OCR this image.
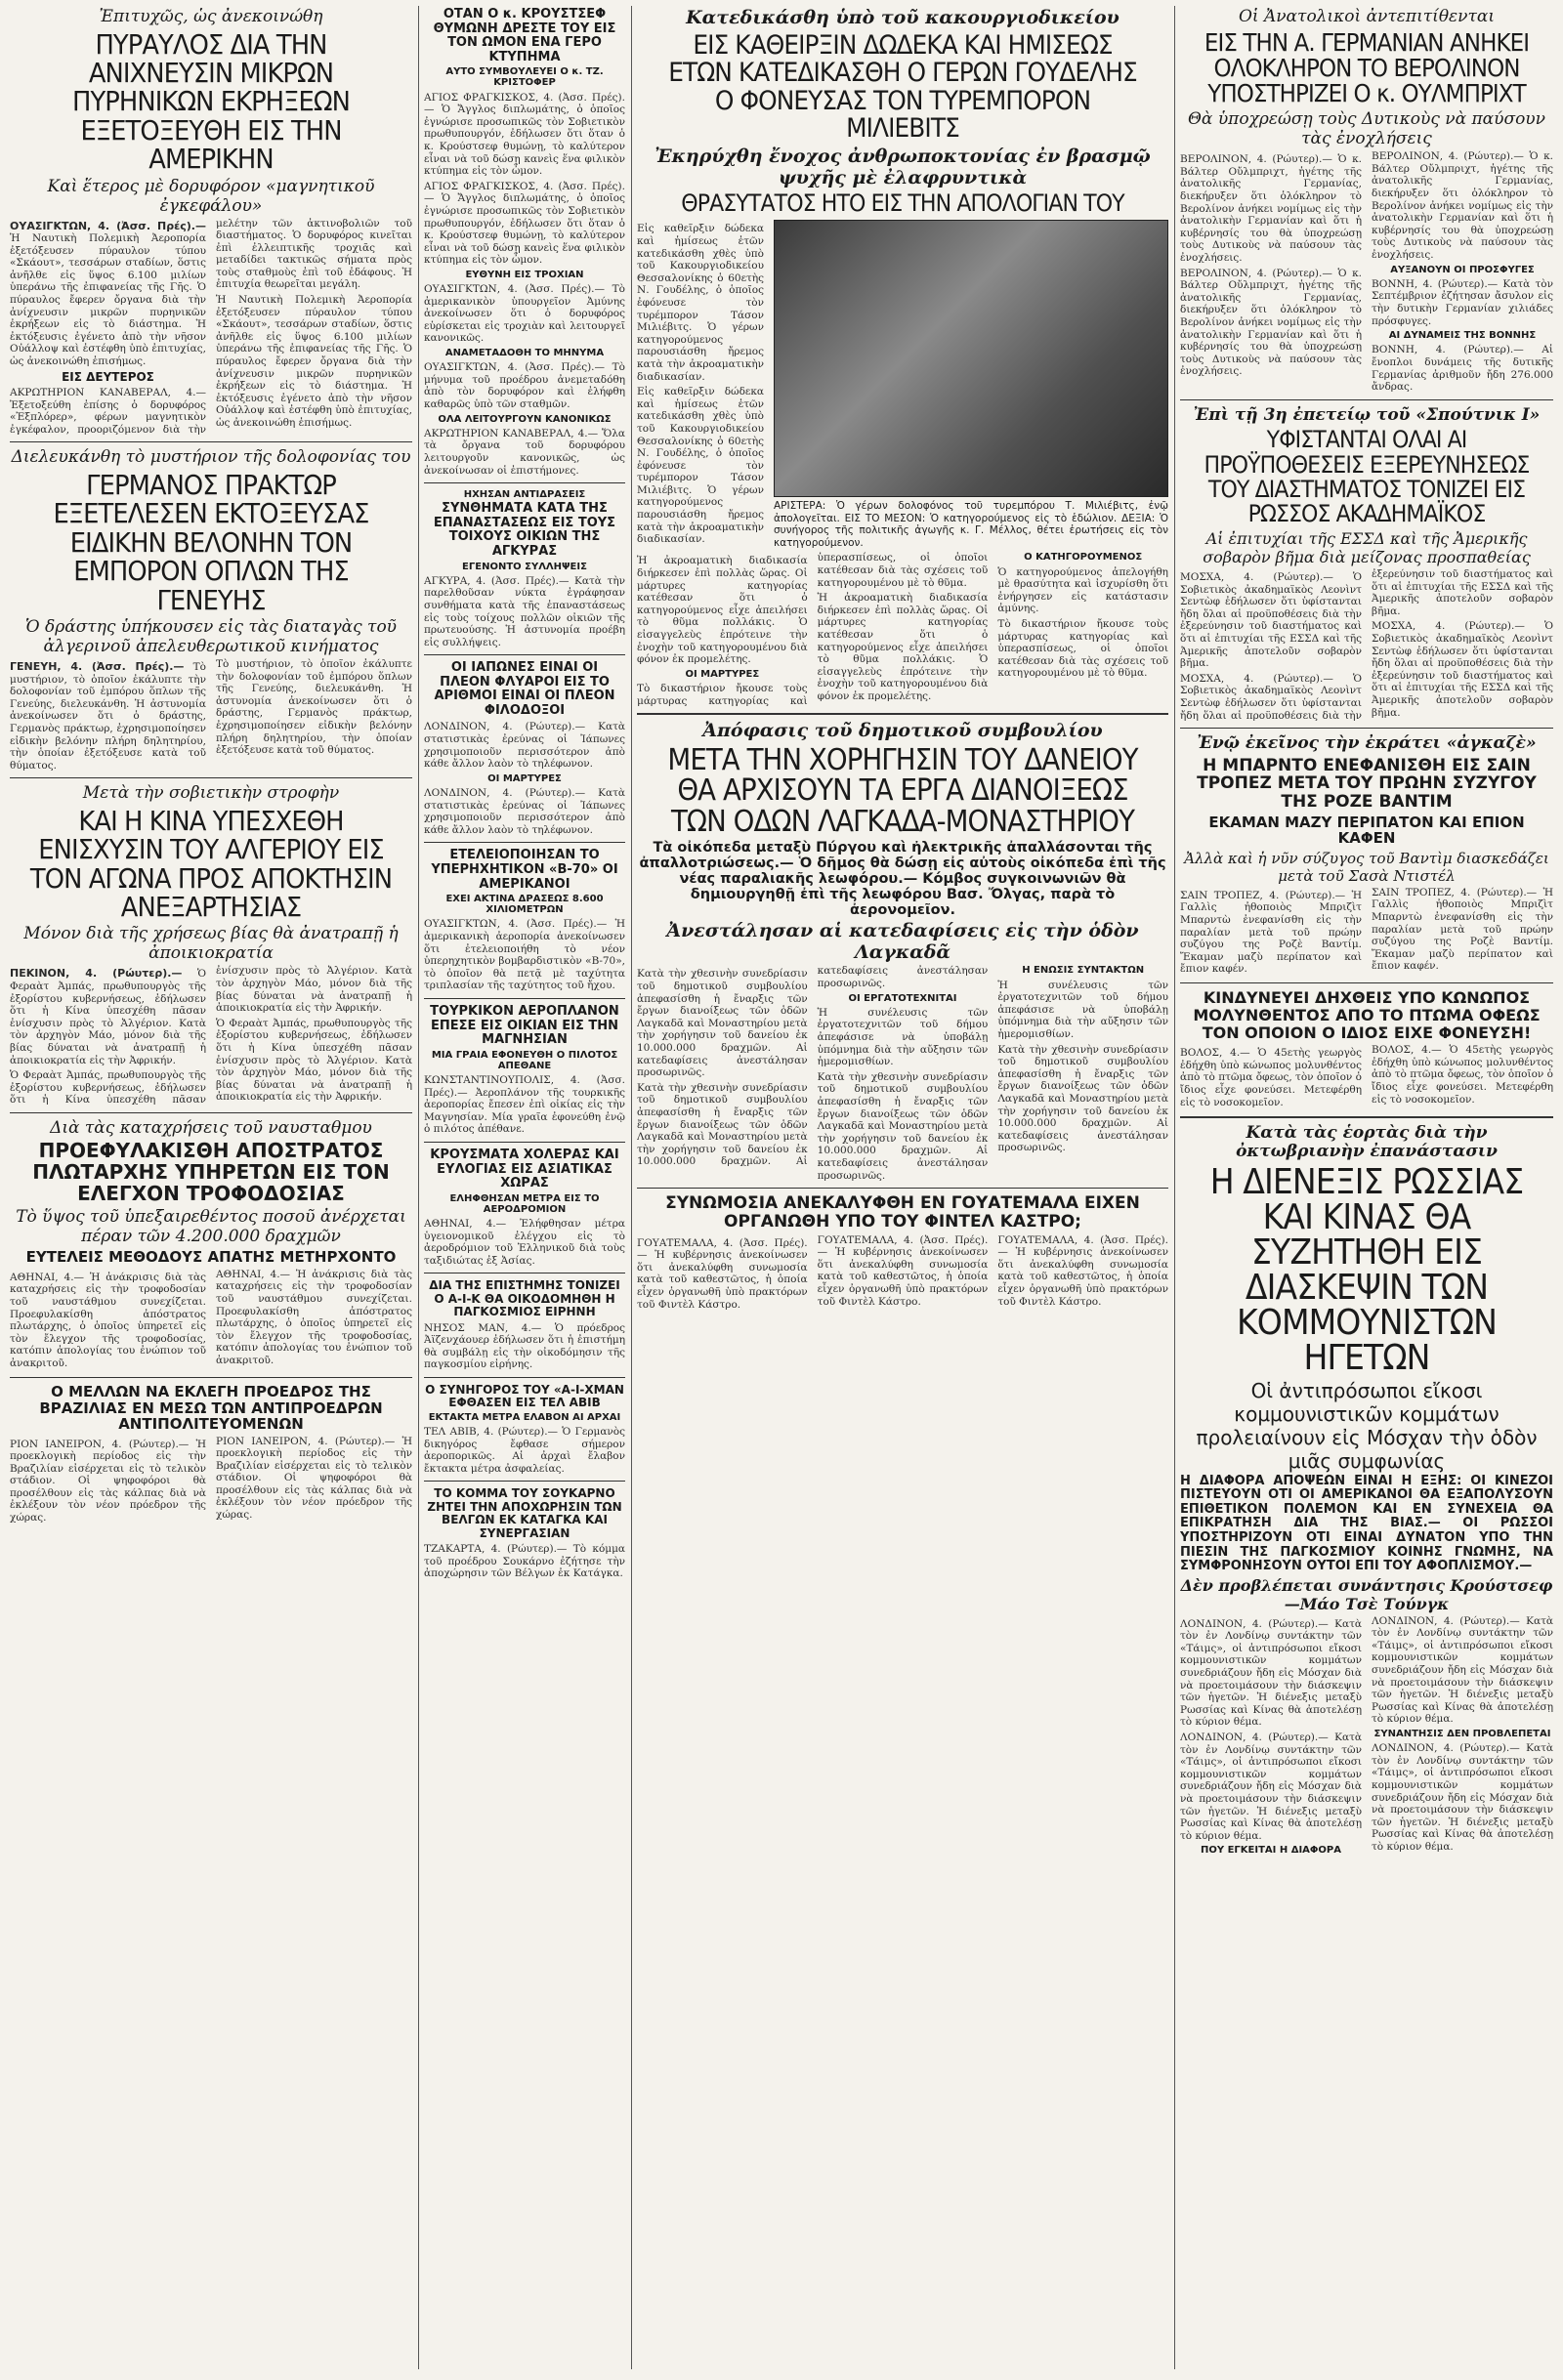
Ἐπιτυχῶς, ὡς ἀνεκοινώθη
ΠΥΡΑΥΛΟΣ ΔΙΑ ΤΗΝ ΑΝΙΧΝΕΥΣΙΝ ΜΙΚΡΩΝ ΠΥΡΗΝΙΚΩΝ ΕΚΡΗΞΕΩΝ ΕΞΕΤΟΞΕΥΘΗ ΕΙΣ ΤΗΝ ΑΜΕΡΙΚΗΝ
Καὶ ἕτερος μὲ δορυφόρον «μαγνητικοῦ ἐγκεφάλου»
ΟΥΑΣΙΓΚΤΩΝ, 4. (Ἀσσ. Πρές).— Ἡ Ναυτικὴ Πολεμικὴ Ἀεροπορία ἐξετόξευσεν πύραυλον τύπου «Σκάουτ», τεσσάρων σταδίων, ὅστις ἀνῆλθε εἰς ὕψος 6.100 μιλίων ὑπεράνω τῆς ἐπιφανείας τῆς Γῆς. Ὁ πύραυλος ἔφερεν ὄργανα διὰ τὴν ἀνίχνευσιν μικρῶν πυρηνικῶν ἐκρήξεων εἰς τὸ διάστημα. Ἡ ἐκτόξευσις ἐγένετο ἀπὸ τὴν νῆσον Οὐάλλοψ καὶ ἐστέφθη ὑπὸ ἐπιτυχίας, ὡς ἀνεκοινώθη ἐπισήμως.
ΕΙΣ ΔΕΥΤΕΡΟΣ
ΑΚΡΩΤΗΡΙΟΝ ΚΑΝΑΒΕΡΑΛ, 4.— Ἐξετοξεύθη ἐπίσης ὁ δορυφόρος «Ἐξπλόρερ», φέρων μαγνητικὸν ἐγκέφαλον, προοριζόμενον διὰ τὴν μελέτην τῶν ἀκτινοβολιῶν τοῦ διαστήματος. Ὁ δορυφόρος κινεῖται ἐπὶ ἐλλειπτικῆς τροχιᾶς καὶ μεταδίδει τακτικῶς σήματα πρὸς τοὺς σταθμοὺς ἐπὶ τοῦ ἐδάφους. Ἡ ἐπιτυχία θεωρεῖται μεγάλη.
Ἡ Ναυτικὴ Πολεμικὴ Ἀεροπορία ἐξετόξευσεν πύραυλον τύπου «Σκάουτ», τεσσάρων σταδίων, ὅστις ἀνῆλθε εἰς ὕψος 6.100 μιλίων ὑπεράνω τῆς ἐπιφανείας τῆς Γῆς. Ὁ πύραυλος ἔφερεν ὄργανα διὰ τὴν ἀνίχνευσιν μικρῶν πυρηνικῶν ἐκρήξεων εἰς τὸ διάστημα. Ἡ ἐκτόξευσις ἐγένετο ἀπὸ τὴν νῆσον Οὐάλλοψ καὶ ἐστέφθη ὑπὸ ἐπιτυχίας, ὡς ἀνεκοινώθη ἐπισήμως.
Διελευκάνθη τὸ μυστήριον τῆς δολοφονίας του
ΓΕΡΜΑΝΟΣ ΠΡΑΚΤΩΡ ΕΞΕΤΕΛΕΣΕΝ ΕΚΤΟΞΕΥΣΑΣ ΕΙΔΙΚΗΝ ΒΕΛΟΝΗΝ ΤΟΝ ΕΜΠΟΡΟΝ ΟΠΛΩΝ ΤΗΣ ΓΕΝΕΥΗΣ
Ὁ δράστης ὑπήκουσεν εἰς τὰς διαταγὰς τοῦ ἀλγερινοῦ ἀπελευθερωτικοῦ κινήματος
ΓΕΝΕΥΗ, 4. (Ἀσσ. Πρές).— Τὸ μυστήριον, τὸ ὁποῖον ἐκάλυπτε τὴν δολοφονίαν τοῦ ἐμπόρου ὅπλων τῆς Γενεύης, διελευκάνθη. Ἡ ἀστυνομία ἀνεκοίνωσεν ὅτι ὁ δράστης, Γερμανὸς πράκτωρ, ἐχρησιμοποίησεν εἰδικὴν βελόνην πλήρη δηλητηρίου, τὴν ὁποίαν ἐξετόξευσε κατὰ τοῦ θύματος.
Τὸ μυστήριον, τὸ ὁποῖον ἐκάλυπτε τὴν δολοφονίαν τοῦ ἐμπόρου ὅπλων τῆς Γενεύης, διελευκάνθη. Ἡ ἀστυνομία ἀνεκοίνωσεν ὅτι ὁ δράστης, Γερμανὸς πράκτωρ, ἐχρησιμοποίησεν εἰδικὴν βελόνην πλήρη δηλητηρίου, τὴν ὁποίαν ἐξετόξευσε κατὰ τοῦ θύματος.
Μετὰ τὴν σοβιετικὴν στροφὴν
ΚΑΙ Η ΚΙΝΑ ΥΠΕΣΧΕΘΗ ΕΝΙΣΧΥΣΙΝ ΤΟΥ ΑΛΓΕΡΙΟΥ ΕΙΣ ΤΟΝ ΑΓΩΝΑ ΠΡΟΣ ΑΠΟΚΤΗΣΙΝ ΑΝΕΞΑΡΤΗΣΙΑΣ
Μόνον διὰ τῆς χρήσεως βίας θὰ ἀνατραπῇ ἡ ἀποικιοκρατία
ΠΕΚΙΝΟΝ, 4. (Ρώυτερ).— Ὁ Φεραὰτ Ἀμπάς, πρωθυπουργὸς τῆς ἐξορίστου κυβερνήσεως, ἐδήλωσεν ὅτι ἡ Κίνα ὑπεσχέθη πᾶσαν ἐνίσχυσιν πρὸς τὸ Ἀλγέριον. Κατὰ τὸν ἀρχηγὸν Μάο, μόνον διὰ τῆς βίας δύναται νὰ ἀνατραπῇ ἡ ἀποικιοκρατία εἰς τὴν Ἀφρικήν.
Ὁ Φεραὰτ Ἀμπάς, πρωθυπουργὸς τῆς ἐξορίστου κυβερνήσεως, ἐδήλωσεν ὅτι ἡ Κίνα ὑπεσχέθη πᾶσαν ἐνίσχυσιν πρὸς τὸ Ἀλγέριον. Κατὰ τὸν ἀρχηγὸν Μάο, μόνον διὰ τῆς βίας δύναται νὰ ἀνατραπῇ ἡ ἀποικιοκρατία εἰς τὴν Ἀφρικήν.
Ὁ Φεραὰτ Ἀμπάς, πρωθυπουργὸς τῆς ἐξορίστου κυβερνήσεως, ἐδήλωσεν ὅτι ἡ Κίνα ὑπεσχέθη πᾶσαν ἐνίσχυσιν πρὸς τὸ Ἀλγέριον. Κατὰ τὸν ἀρχηγὸν Μάο, μόνον διὰ τῆς βίας δύναται νὰ ἀνατραπῇ ἡ ἀποικιοκρατία εἰς τὴν Ἀφρικήν.
Διὰ τὰς καταχρήσεις τοῦ ναυσταθμου
ΠΡΟΕΦΥΛΑΚΙΣΘΗ ΑΠΟΣΤΡΑΤΟΣ ΠΛΩΤΑΡΧΗΣ ΥΠΗΡΕΤΩΝ ΕΙΣ ΤΟΝ ΕΛΕΓΧΟΝ ΤΡΟΦΟΔΟΣΙΑΣ
Τὸ ὕψος τοῦ ὑπεξαιρεθέντος ποσοῦ ἀνέρχεται πέραν τῶν 4.200.000 δραχμῶν
ΕΥΤΕΛΕΙΣ ΜΕΘΟΔΟΥΣ ΑΠΑΤΗΣ ΜΕΤΗΡΧΟΝΤΟ
ΑΘΗΝΑΙ, 4.— Ἡ ἀνάκρισις διὰ τὰς καταχρήσεις εἰς τὴν τροφοδοσίαν τοῦ ναυστάθμου συνεχίζεται. Προεφυλακίσθη ἀπόστρατος πλωτάρχης, ὁ ὁποῖος ὑπηρετεῖ εἰς τὸν ἔλεγχον τῆς τροφοδοσίας, κατόπιν ἀπολογίας του ἐνώπιον τοῦ ἀνακριτοῦ.
ΑΘΗΝΑΙ, 4.— Ἡ ἀνάκρισις διὰ τὰς καταχρήσεις εἰς τὴν τροφοδοσίαν τοῦ ναυστάθμου συνεχίζεται. Προεφυλακίσθη ἀπόστρατος πλωτάρχης, ὁ ὁποῖος ὑπηρετεῖ εἰς τὸν ἔλεγχον τῆς τροφοδοσίας, κατόπιν ἀπολογίας του ἐνώπιον τοῦ ἀνακριτοῦ.
Ο ΜΕΛΛΩΝ ΝΑ ΕΚΛΕΓΗ ΠΡΟΕΔΡΟΣ ΤΗΣ ΒΡΑΖΙΛΙΑΣ ΕΝ ΜΕΣΩ ΤΩΝ ΑΝΤΙΠΡΟΕΔΡΩΝ ΑΝΤΙΠΟΛΙΤΕΥΟΜΕΝΩΝ
ΡΙΟΝ ΙΑΝΕΙΡΟΝ, 4. (Ρώυτερ).— Ἡ προεκλογικὴ περίοδος εἰς τὴν Βραζιλίαν εἰσέρχεται εἰς τὸ τελικὸν στάδιον. Οἱ ψηφοφόροι θὰ προσέλθουν εἰς τὰς κάλπας διὰ νὰ ἐκλέξουν τὸν νέον πρόεδρον τῆς χώρας.
ΡΙΟΝ ΙΑΝΕΙΡΟΝ, 4. (Ρώυτερ).— Ἡ προεκλογικὴ περίοδος εἰς τὴν Βραζιλίαν εἰσέρχεται εἰς τὸ τελικὸν στάδιον. Οἱ ψηφοφόροι θὰ προσέλθουν εἰς τὰς κάλπας διὰ νὰ ἐκλέξουν τὸν νέον πρόεδρον τῆς χώρας.
ΟΤΑΝ Ο κ. ΚΡΟΥΣΤΣΕΦ ΘΥΜΩΝΗ ΔΡΕΣΤΕ ΤΟΥ ΕΙΣ ΤΟΝ ΩΜΟΝ ΕΝΑ ΓΕΡΟ ΚΤΥΠΗΜΑ
ΑΥΤΟ ΣΥΜΒΟΥΛΕΥΕΙ Ο κ. ΤΖ. ΚΡΙΣΤΟΦΕΡ
ΑΓΙΟΣ ΦΡΑΓΚΙΣΚΟΣ, 4. (Ἀσσ. Πρές).— Ὁ Ἄγγλος διπλωμάτης, ὁ ὁποῖος ἐγνώρισε προσωπικῶς τὸν Σοβιετικὸν πρωθυπουργόν, ἐδήλωσεν ὅτι ὅταν ὁ κ. Κρούστσεφ θυμώνῃ, τὸ καλύτερον εἶναι νὰ τοῦ δώσῃ κανεὶς ἕνα φιλικὸν κτύπημα εἰς τὸν ὦμον.
ΑΓΙΟΣ ΦΡΑΓΚΙΣΚΟΣ, 4. (Ἀσσ. Πρές).— Ὁ Ἄγγλος διπλωμάτης, ὁ ὁποῖος ἐγνώρισε προσωπικῶς τὸν Σοβιετικὸν πρωθυπουργόν, ἐδήλωσεν ὅτι ὅταν ὁ κ. Κρούστσεφ θυμώνῃ, τὸ καλύτερον εἶναι νὰ τοῦ δώσῃ κανεὶς ἕνα φιλικὸν κτύπημα εἰς τὸν ὦμον.
ΕΥΘΥΝΗ ΕΙΣ ΤΡΟΧΙΑΝ
ΟΥΑΣΙΓΚΤΩΝ, 4. (Ἀσσ. Πρές).— Τὸ ἀμερικανικὸν ὑπουργεῖον Ἀμύνης ἀνεκοίνωσεν ὅτι ὁ δορυφόρος εὑρίσκεται εἰς τροχιὰν καὶ λειτουργεῖ κανονικῶς.
ΑΝΑΜΕΤΑΔΟΘΗ ΤΟ ΜΗΝΥΜΑ
ΟΥΑΣΙΓΚΤΩΝ, 4. (Ἀσσ. Πρές).— Τὸ μήνυμα τοῦ προέδρου ἀνεμεταδόθη ἀπὸ τὸν δορυφόρον καὶ ἐλήφθη καθαρῶς ὑπὸ τῶν σταθμῶν.
ΟΛΑ ΛΕΙΤΟΥΡΓΟΥΝ ΚΑΝΟΝΙΚΩΣ
ΑΚΡΩΤΗΡΙΟΝ ΚΑΝΑΒΕΡΑΛ, 4.— Ὅλα τὰ ὄργανα τοῦ δορυφόρου λειτουργοῦν κανονικῶς, ὡς ἀνεκοίνωσαν οἱ ἐπιστήμονες.
ΗΧΗΣΑΝ ΑΝΤΙΔΡΑΣΕΙΣ
ΣΥΝΘΗΜΑΤΑ ΚΑΤΑ ΤΗΣ ΕΠΑΝΑΣΤΑΣΕΩΣ ΕΙΣ ΤΟΥΣ ΤΟΙΧΟΥΣ ΟΙΚΙΩΝ ΤΗΣ ΑΓΚΥΡΑΣ
ΕΓΕΝΟΝΤΟ ΣΥΛΛΗΨΕΙΣ
ΑΓΚΥΡΑ, 4. (Ἀσσ. Πρές).— Κατὰ τὴν παρελθοῦσαν νύκτα ἐγράφησαν συνθήματα κατὰ τῆς ἐπαναστάσεως εἰς τοὺς τοίχους πολλῶν οἰκιῶν τῆς πρωτευούσης. Ἡ ἀστυνομία προέβη εἰς συλλήψεις.
ΟΙ ΙΑΠΩΝΕΣ ΕΙΝΑΙ ΟΙ ΠΛΕΟΝ ΦΛΥΑΡΟΙ ΕΙΣ ΤΟ ΑΡΙΘΜΟΙ ΕΙΝΑΙ ΟΙ ΠΛΕΟΝ ΦΙΛΟΔΟΞΟΙ
ΛΟΝΔΙΝΟΝ, 4. (Ρώυτερ).— Κατὰ στατιστικὰς ἐρεύνας οἱ Ἰάπωνες χρησιμοποιοῦν περισσότερον ἀπὸ κάθε ἄλλον λαὸν τὸ τηλέφωνον.
ΟΙ ΜΑΡΤΥΡΕΣ
ΛΟΝΔΙΝΟΝ, 4. (Ρώυτερ).— Κατὰ στατιστικὰς ἐρεύνας οἱ Ἰάπωνες χρησιμοποιοῦν περισσότερον ἀπὸ κάθε ἄλλον λαὸν τὸ τηλέφωνον.
ΕΤΕΛΕΙΟΠΟΙΗΣΑΝ ΤΟ ΥΠΕΡΗΧΗΤΙΚΟΝ «Β-70» ΟΙ ΑΜΕΡΙΚΑΝΟΙ
ΕΧΕΙ ΑΚΤΙΝΑ ΔΡΑΣΕΩΣ 8.600 ΧΙΛΙΟΜΕΤΡΩΝ
ΟΥΑΣΙΓΚΤΩΝ, 4. (Ἀσσ. Πρές).— Ἡ ἀμερικανικὴ ἀεροπορία ἀνεκοίνωσεν ὅτι ἐτελειοποιήθη τὸ νέον ὑπερηχητικὸν βομβαρδιστικὸν «Β-70», τὸ ὁποῖον θὰ πετᾷ μὲ ταχύτητα τριπλασίαν τῆς ταχύτητος τοῦ ἤχου.
ΤΟΥΡΚΙΚΟΝ ΑΕΡΟΠΛΑΝΟΝ ΕΠΕΣΕ ΕΙΣ ΟΙΚΙΑΝ ΕΙΣ ΤΗΝ ΜΑΓΝΗΣΙΑΝ
ΜΙΑ ΓΡΑΙΑ ΕΦΟΝΕΥΘΗ Ο ΠΙΛΟΤΟΣ ΑΠΕΘΑΝΕ
ΚΩΝΣΤΑΝΤΙΝΟΥΠΟΛΙΣ, 4. (Ἀσσ. Πρές).— Ἀεροπλάνον τῆς τουρκικῆς ἀεροπορίας ἔπεσεν ἐπὶ οἰκίας εἰς τὴν Μαγνησίαν. Μία γραῖα ἐφονεύθη ἐνῷ ὁ πιλότος ἀπέθανε.
ΚΡΟΥΣΜΑΤΑ ΧΟΛΕΡΑΣ ΚΑΙ ΕΥΛΟΓΙΑΣ ΕΙΣ ΑΣΙΑΤΙΚΑΣ ΧΩΡΑΣ
ΕΛΗΦΘΗΣΑΝ ΜΕΤΡΑ ΕΙΣ ΤΟ ΑΕΡΟΔΡΟΜΙΟΝ
ΑΘΗΝΑΙ, 4.— Ἐλήφθησαν μέτρα ὑγειονομικοῦ ἐλέγχου εἰς τὸ ἀεροδρόμιον τοῦ Ἑλληνικοῦ διὰ τοὺς ταξιδιώτας ἐξ Ἀσίας.
ΔΙΑ ΤΗΣ ΕΠΙΣΤΗΜΗΣ ΤΟΝΙΖΕΙ Ο Α-Ι-Κ ΘΑ ΟΙΚΟΔΟΜΗΘΗ Η ΠΑΓΚΟΣΜΙΟΣ ΕΙΡΗΝΗ
ΝΗΣΟΣ ΜΑΝ, 4.— Ὁ πρόεδρος Ἀϊζενχάουερ ἐδήλωσεν ὅτι ἡ ἐπιστήμη θὰ συμβάλῃ εἰς τὴν οἰκοδόμησιν τῆς παγκοσμίου εἰρήνης.
Ο ΣΥΝΗΓΟΡΟΣ ΤΟΥ «Α-Ι-ΧΜΑΝ ΕΦΘΑΣΕΝ ΕΙΣ ΤΕΛ ΑΒΙΒ
ΕΚΤΑΚΤΑ ΜΕΤΡΑ ΕΛΑΒΟΝ ΑΙ ΑΡΧΑΙ
ΤΕΛ ΑΒΙΒ, 4. (Ρώυτερ).— Ὁ Γερμανὸς δικηγόρος ἔφθασε σήμερον ἀεροπορικῶς. Αἱ ἀρχαὶ ἔλαβον ἔκτακτα μέτρα ἀσφαλείας.
ΤΟ ΚΟΜΜΑ ΤΟΥ ΣΟΥΚΑΡΝΟ ΖΗΤΕΙ ΤΗΝ ΑΠΟΧΩΡΗΣΙΝ ΤΩΝ ΒΕΛΓΩΝ ΕΚ ΚΑΤΑΓΚΑ ΚΑΙ ΣΥΝΕΡΓΑΣΙΑΝ
ΤΖΑΚΑΡΤΑ, 4. (Ρώυτερ).— Τὸ κόμμα τοῦ προέδρου Σουκάρνο ἐζήτησε τὴν ἀποχώρησιν τῶν Βέλγων ἐκ Κατάγκα.
Κατεδικάσθη ὑπὸ τοῦ κακουργιοδικείου
ΕΙΣ ΚΑΘΕΙΡΞΙΝ ΔΩΔΕΚΑ ΚΑΙ ΗΜΙΣΕΩΣ ΕΤΩΝ ΚΑΤΕΔΙΚΑΣΘΗ Ο ΓΕΡΩΝ ΓΟΥΔΕΛΗΣ Ο ΦΟΝΕΥΣΑΣ ΤΟΝ ΤΥΡΕΜΠΟΡΟΝ ΜΙΛΙΕΒΙΤΣ
Ἐκηρύχθη ἔνοχος ἀνθρωποκτονίας ἐν βρασμῷ ψυχῆς μὲ ἐλαφρυντικὰ
ΘΡΑΣΥΤΑΤΟΣ ΗΤΟ ΕΙΣ ΤΗΝ ΑΠΟΛΟΓΙΑΝ ΤΟΥ
Εἰς καθεῖρξιν δώδεκα καὶ ἡμίσεως ἐτῶν κατεδικάσθη χθὲς ὑπὸ τοῦ Κακουργιοδικείου Θεσσαλονίκης ὁ 60ετὴς Ν. Γουδέλης, ὁ ὁποῖος ἐφόνευσε τὸν τυρέμπορον Τάσον Μιλιέβιτς. Ὁ γέρων κατηγορούμενος παρουσιάσθη ἤρεμος κατὰ τὴν ἀκροαματικὴν διαδικασίαν.
Εἰς καθεῖρξιν δώδεκα καὶ ἡμίσεως ἐτῶν κατεδικάσθη χθὲς ὑπὸ τοῦ Κακουργιοδικείου Θεσσαλονίκης ὁ 60ετὴς Ν. Γουδέλης, ὁ ὁποῖος ἐφόνευσε τὸν τυρέμπορον Τάσον Μιλιέβιτς. Ὁ γέρων κατηγορούμενος παρουσιάσθη ἤρεμος κατὰ τὴν ἀκροαματικὴν διαδικασίαν.
ΑΡΙΣΤΕΡΑ: Ὁ γέρων δολοφόνος τοῦ τυρεμπόρου Τ. Μιλιέβιτς, ἐνῷ ἀπολογεῖται. ΕΙΣ ΤΟ ΜΕΣΟΝ: Ὁ κατηγορούμενος εἰς τὸ ἑδώλιον. ΔΕΞΙΑ: Ὁ συνήγορος τῆς πολιτικῆς ἀγωγῆς κ. Γ. Μέλλος, θέτει ἐρωτήσεις εἰς τὸν κατηγορούμενον.
Ἡ ἀκροαματικὴ διαδικασία διήρκεσεν ἐπὶ πολλὰς ὥρας. Οἱ μάρτυρες κατηγορίας κατέθεσαν ὅτι ὁ κατηγορούμενος εἶχε ἀπειλήσει τὸ θῦμα πολλάκις. Ὁ εἰσαγγελεὺς ἐπρότεινε τὴν ἐνοχὴν τοῦ κατηγορουμένου διὰ φόνον ἐκ προμελέτης.
ΟΙ ΜΑΡΤΥΡΕΣ
Τὸ δικαστήριον ἤκουσε τοὺς μάρτυρας κατηγορίας καὶ ὑπερασπίσεως, οἱ ὁποῖοι κατέθεσαν διὰ τὰς σχέσεις τοῦ κατηγορουμένου μὲ τὸ θῦμα.
Ἡ ἀκροαματικὴ διαδικασία διήρκεσεν ἐπὶ πολλὰς ὥρας. Οἱ μάρτυρες κατηγορίας κατέθεσαν ὅτι ὁ κατηγορούμενος εἶχε ἀπειλήσει τὸ θῦμα πολλάκις. Ὁ εἰσαγγελεὺς ἐπρότεινε τὴν ἐνοχὴν τοῦ κατηγορουμένου διὰ φόνον ἐκ προμελέτης.
Ο ΚΑΤΗΓΟΡΟΥΜΕΝΟΣ
Ὁ κατηγορούμενος ἀπελογήθη μὲ θρασύτητα καὶ ἰσχυρίσθη ὅτι ἐνήργησεν εἰς κατάστασιν ἀμύνης.
Τὸ δικαστήριον ἤκουσε τοὺς μάρτυρας κατηγορίας καὶ ὑπερασπίσεως, οἱ ὁποῖοι κατέθεσαν διὰ τὰς σχέσεις τοῦ κατηγορουμένου μὲ τὸ θῦμα.
Ἀπόφασις τοῦ δημοτικοῦ συμβουλίου
ΜΕΤΑ ΤΗΝ ΧΟΡΗΓΗΣΙΝ ΤΟΥ ΔΑΝΕΙΟΥ ΘΑ ΑΡΧΙΣΟΥΝ ΤΑ ΕΡΓΑ ΔΙΑΝΟΙΞΕΩΣ ΤΩΝ ΟΔΩΝ ΛΑΓΚΑΔΑ-ΜΟΝΑΣΤΗΡΙΟΥ
Τὰ οἰκόπεδα μεταξὺ Πύργου καὶ ἠλεκτρικῆς ἀπαλλάσονται τῆς ἀπαλλοτριώσεως.— Ὁ δῆμος θὰ δώσῃ εἰς αὐτοὺς οἰκόπεδα ἐπὶ τῆς νέας παραλιακῆς λεωφόρου.— Κόμβος συγκοινωνιῶν θὰ δημιουργηθῇ ἐπὶ τῆς λεωφόρου Βασ. Ὄλγας, παρὰ τὸ ἀερονομεῖον.
Ἀνεστάλησαν αἱ κατεδαφίσεις εἰς τὴν ὁδὸν Λαγκαδᾶ
Κατὰ τὴν χθεσινὴν συνεδρίασιν τοῦ δημοτικοῦ συμβουλίου ἀπεφασίσθη ἡ ἔναρξις τῶν ἔργων διανοίξεως τῶν ὁδῶν Λαγκαδᾶ καὶ Μοναστηρίου μετὰ τὴν χορήγησιν τοῦ δανείου ἐκ 10.000.000 δραχμῶν. Αἱ κατεδαφίσεις ἀνεστάλησαν προσωρινῶς.
Κατὰ τὴν χθεσινὴν συνεδρίασιν τοῦ δημοτικοῦ συμβουλίου ἀπεφασίσθη ἡ ἔναρξις τῶν ἔργων διανοίξεως τῶν ὁδῶν Λαγκαδᾶ καὶ Μοναστηρίου μετὰ τὴν χορήγησιν τοῦ δανείου ἐκ 10.000.000 δραχμῶν. Αἱ κατεδαφίσεις ἀνεστάλησαν προσωρινῶς.
ΟΙ ΕΡΓΑΤΟΤΕΧΝΙΤΑΙ
Ἡ συνέλευσις τῶν ἐργατοτεχνιτῶν τοῦ δήμου ἀπεφάσισε νὰ ὑποβάλῃ ὑπόμνημα διὰ τὴν αὔξησιν τῶν ἡμερομισθίων.
Κατὰ τὴν χθεσινὴν συνεδρίασιν τοῦ δημοτικοῦ συμβουλίου ἀπεφασίσθη ἡ ἔναρξις τῶν ἔργων διανοίξεως τῶν ὁδῶν Λαγκαδᾶ καὶ Μοναστηρίου μετὰ τὴν χορήγησιν τοῦ δανείου ἐκ 10.000.000 δραχμῶν. Αἱ κατεδαφίσεις ἀνεστάλησαν προσωρινῶς.
Η ΕΝΩΣΙΣ ΣΥΝΤΑΚΤΩΝ
Ἡ συνέλευσις τῶν ἐργατοτεχνιτῶν τοῦ δήμου ἀπεφάσισε νὰ ὑποβάλῃ ὑπόμνημα διὰ τὴν αὔξησιν τῶν ἡμερομισθίων.
Κατὰ τὴν χθεσινὴν συνεδρίασιν τοῦ δημοτικοῦ συμβουλίου ἀπεφασίσθη ἡ ἔναρξις τῶν ἔργων διανοίξεως τῶν ὁδῶν Λαγκαδᾶ καὶ Μοναστηρίου μετὰ τὴν χορήγησιν τοῦ δανείου ἐκ 10.000.000 δραχμῶν. Αἱ κατεδαφίσεις ἀνεστάλησαν προσωρινῶς.
ΣΥΝΩΜΟΣΙΑ ΑΝΕΚΑΛΥΦΘΗ ΕΝ ΓΟΥΑΤΕΜΑΛΑ ΕΙΧΕΝ ΟΡΓΑΝΩΘΗ ΥΠΟ ΤΟΥ ΦΙΝΤΕΛ ΚΑΣΤΡΟ;
ΓΟΥΑΤΕΜΑΛΑ, 4. (Ἀσσ. Πρές).— Ἡ κυβέρνησις ἀνεκοίνωσεν ὅτι ἀνεκαλύφθη συνωμοσία κατὰ τοῦ καθεστῶτος, ἡ ὁποία εἶχεν ὀργανωθῆ ὑπὸ πρακτόρων τοῦ Φιντὲλ Κάστρο.
ΓΟΥΑΤΕΜΑΛΑ, 4. (Ἀσσ. Πρές).— Ἡ κυβέρνησις ἀνεκοίνωσεν ὅτι ἀνεκαλύφθη συνωμοσία κατὰ τοῦ καθεστῶτος, ἡ ὁποία εἶχεν ὀργανωθῆ ὑπὸ πρακτόρων τοῦ Φιντὲλ Κάστρο.
ΓΟΥΑΤΕΜΑΛΑ, 4. (Ἀσσ. Πρές).— Ἡ κυβέρνησις ἀνεκοίνωσεν ὅτι ἀνεκαλύφθη συνωμοσία κατὰ τοῦ καθεστῶτος, ἡ ὁποία εἶχεν ὀργανωθῆ ὑπὸ πρακτόρων τοῦ Φιντὲλ Κάστρο.
Οἱ Ἀνατολικοὶ ἀντεπιτίθενται
ΕΙΣ ΤΗΝ Α. ΓΕΡΜΑΝΙΑΝ ΑΝΗΚΕΙ ΟΛΟΚΛΗΡΟΝ ΤΟ ΒΕΡΟΛΙΝΟΝ ΥΠΟΣΤΗΡΙΖΕΙ Ο κ. ΟΥΛΜΠΡΙΧΤ
Θὰ ὑποχρεώσῃ τοὺς Δυτικοὺς νὰ παύσουν τὰς ἐνοχλήσεις
ΒΕΡΟΛΙΝΟΝ, 4. (Ρώυτερ).— Ὁ κ. Βάλτερ Οὔλμπριχτ, ἡγέτης τῆς ἀνατολικῆς Γερμανίας, διεκήρυξεν ὅτι ὁλόκληρον τὸ Βερολίνον ἀνήκει νομίμως εἰς τὴν ἀνατολικὴν Γερμανίαν καὶ ὅτι ἡ κυβέρνησίς του θὰ ὑποχρεώσῃ τοὺς Δυτικοὺς νὰ παύσουν τὰς ἐνοχλήσεις.
ΒΕΡΟΛΙΝΟΝ, 4. (Ρώυτερ).— Ὁ κ. Βάλτερ Οὔλμπριχτ, ἡγέτης τῆς ἀνατολικῆς Γερμανίας, διεκήρυξεν ὅτι ὁλόκληρον τὸ Βερολίνον ἀνήκει νομίμως εἰς τὴν ἀνατολικὴν Γερμανίαν καὶ ὅτι ἡ κυβέρνησίς του θὰ ὑποχρεώσῃ τοὺς Δυτικοὺς νὰ παύσουν τὰς ἐνοχλήσεις.
ΒΕΡΟΛΙΝΟΝ, 4. (Ρώυτερ).— Ὁ κ. Βάλτερ Οὔλμπριχτ, ἡγέτης τῆς ἀνατολικῆς Γερμανίας, διεκήρυξεν ὅτι ὁλόκληρον τὸ Βερολίνον ἀνήκει νομίμως εἰς τὴν ἀνατολικὴν Γερμανίαν καὶ ὅτι ἡ κυβέρνησίς του θὰ ὑποχρεώσῃ τοὺς Δυτικοὺς νὰ παύσουν τὰς ἐνοχλήσεις.
ΑΥΞΑΝΟΥΝ ΟΙ ΠΡΟΣΦΥΓΕΣ
ΒΟΝΝΗ, 4. (Ρώυτερ).— Κατὰ τὸν Σεπτέμβριον ἐζήτησαν ἄσυλον εἰς τὴν δυτικὴν Γερμανίαν χιλιάδες πρόσφυγες.
ΑΙ ΔΥΝΑΜΕΙΣ ΤΗΣ ΒΟΝΝΗΣ
ΒΟΝΝΗ, 4. (Ρώυτερ).— Αἱ ἔνοπλοι δυνάμεις τῆς δυτικῆς Γερμανίας ἀριθμοῦν ἤδη 276.000 ἄνδρας.
Ἐπὶ τῇ 3η ἐπετείῳ τοῦ «Σπούτνικ Ι»
ΥΦΙΣΤΑΝΤΑΙ ΟΛΑΙ ΑΙ ΠΡΟΫΠΟΘΕΣΕΙΣ ΕΞΕΡΕΥΝΗΣΕΩΣ ΤΟΥ ΔΙΑΣΤΗΜΑΤΟΣ ΤΟΝΙΖΕΙ ΕΙΣ ΡΩΣΣΟΣ ΑΚΑΔΗΜΑΪΚΟΣ
Αἱ ἐπιτυχίαι τῆς ΕΣΣΔ καὶ τῆς Ἀμερικῆς σοβαρὸν βῆμα διὰ μείζονας προσπαθείας
ΜΟΣΧΑ, 4. (Ρώυτερ).— Ὁ Σοβιετικὸς ἀκαδημαϊκὸς Λεονὶντ Σεντὼφ ἐδήλωσεν ὅτι ὑφίστανται ἤδη ὅλαι αἱ προϋποθέσεις διὰ τὴν ἐξερεύνησιν τοῦ διαστήματος καὶ ὅτι αἱ ἐπιτυχίαι τῆς ΕΣΣΔ καὶ τῆς Ἀμερικῆς ἀποτελοῦν σοβαρὸν βῆμα.
ΜΟΣΧΑ, 4. (Ρώυτερ).— Ὁ Σοβιετικὸς ἀκαδημαϊκὸς Λεονὶντ Σεντὼφ ἐδήλωσεν ὅτι ὑφίστανται ἤδη ὅλαι αἱ προϋποθέσεις διὰ τὴν ἐξερεύνησιν τοῦ διαστήματος καὶ ὅτι αἱ ἐπιτυχίαι τῆς ΕΣΣΔ καὶ τῆς Ἀμερικῆς ἀποτελοῦν σοβαρὸν βῆμα.
ΜΟΣΧΑ, 4. (Ρώυτερ).— Ὁ Σοβιετικὸς ἀκαδημαϊκὸς Λεονὶντ Σεντὼφ ἐδήλωσεν ὅτι ὑφίστανται ἤδη ὅλαι αἱ προϋποθέσεις διὰ τὴν ἐξερεύνησιν τοῦ διαστήματος καὶ ὅτι αἱ ἐπιτυχίαι τῆς ΕΣΣΔ καὶ τῆς Ἀμερικῆς ἀποτελοῦν σοβαρὸν βῆμα.
Ἐνῷ ἐκεῖνος τὴν ἐκράτει «ἀγκαζὲ»
Η ΜΠΑΡΝΤΟ ΕΝΕΦΑΝΙΣΘΗ ΕΙΣ ΣΑΙΝ ΤΡΟΠΕΖ ΜΕΤΑ ΤΟΥ ΠΡΩΗΝ ΣΥΖΥΓΟΥ ΤΗΣ ΡΟΖΕ ΒΑΝΤΙΜ
ΕΚΑΜΑΝ ΜΑΖΥ ΠΕΡΙΠΑΤΟΝ ΚΑΙ ΕΠΙΟΝ ΚΑΦΕΝ
Ἀλλὰ καὶ ἡ νῦν σύζυγος τοῦ Βαντὶμ διασκεδάζει μετὰ τοῦ Σασὰ Ντιστέλ
ΣΑΙΝ ΤΡΟΠΕΖ, 4. (Ρώυτερ).— Ἡ Γαλλὶς ἠθοποιὸς Μπριζὶτ Μπαρντὼ ἐνεφανίσθη εἰς τὴν παραλίαν μετὰ τοῦ πρώην συζύγου της Ροζὲ Βαντίμ. Ἔκαμαν μαζὺ περίπατον καὶ ἔπιον καφέν.
ΣΑΙΝ ΤΡΟΠΕΖ, 4. (Ρώυτερ).— Ἡ Γαλλὶς ἠθοποιὸς Μπριζὶτ Μπαρντὼ ἐνεφανίσθη εἰς τὴν παραλίαν μετὰ τοῦ πρώην συζύγου της Ροζὲ Βαντίμ. Ἔκαμαν μαζὺ περίπατον καὶ ἔπιον καφέν.
ΚΙΝΔΥΝΕΥΕΙ ΔΗΧΘΕΙΣ ΥΠΟ ΚΩΝΩΠΟΣ ΜΟΛΥΝΘΕΝΤΟΣ ΑΠΟ ΤΟ ΠΤΩΜΑ ΟΦΕΩΣ ΤΟΝ ΟΠΟΙΟΝ Ο ΙΔΙΟΣ ΕΙΧΕ ΦΟΝΕΥΣΗ!
ΒΟΛΟΣ, 4.— Ὁ 45ετὴς γεωργὸς ἐδήχθη ὑπὸ κώνωπος μολυνθέντος ἀπὸ τὸ πτῶμα ὄφεως, τὸν ὁποῖον ὁ ἴδιος εἶχε φονεύσει. Μετεφέρθη εἰς τὸ νοσοκομεῖον.
ΒΟΛΟΣ, 4.— Ὁ 45ετὴς γεωργὸς ἐδήχθη ὑπὸ κώνωπος μολυνθέντος ἀπὸ τὸ πτῶμα ὄφεως, τὸν ὁποῖον ὁ ἴδιος εἶχε φονεύσει. Μετεφέρθη εἰς τὸ νοσοκομεῖον.
Κατὰ τὰς ἑορτὰς διὰ τὴν ὀκτωβριανὴν ἐπανάστασιν
Η ΔΙΕΝΕΞΙΣ ΡΩΣΣΙΑΣ ΚΑΙ ΚΙΝΑΣ ΘΑ ΣΥΖΗΤΗΘΗ ΕΙΣ ΔΙΑΣΚΕΨΙΝ ΤΩΝ ΚΟΜΜΟΥΝΙΣΤΩΝ ΗΓΕΤΩΝ
Οἱ ἀντιπρόσωποι εἴκοσι κομμουνιστικῶν κομμάτων προλειαίνουν εἰς Μόσχαν τὴν ὁδὸν μιᾶς συμφωνίας
Η ΔΙΑΦΟΡΑ ΑΠΟΨΕΩΝ ΕΙΝΑΙ Η ΕΞΗΣ: ΟΙ ΚΙΝΕΖΟΙ ΠΙΣΤΕΥΟΥΝ ΟΤΙ ΟΙ ΑΜΕΡΙΚΑΝΟΙ ΘΑ ΕΞΑΠΟΛΥΣΟΥΝ ΕΠΙΘΕΤΙΚΟΝ ΠΟΛΕΜΟΝ ΚΑΙ ΕΝ ΣΥΝΕΧΕΙΑ ΘΑ ΕΠΙΚΡΑΤΗΣΗ ΔΙΑ ΤΗΣ ΒΙΑΣ.— ΟΙ ΡΩΣΣΟΙ ΥΠΟΣΤΗΡΙΖΟΥΝ ΟΤΙ ΕΙΝΑΙ ΔΥΝΑΤΟΝ ΥΠΟ ΤΗΝ ΠΙΕΣΙΝ ΤΗΣ ΠΑΓΚΟΣΜΙΟΥ ΚΟΙΝΗΣ ΓΝΩΜΗΣ, ΝΑ ΣΥΜΦΡΟΝΗΣΟΥΝ ΟΥΤΟΙ ΕΠΙ ΤΟΥ ΑΦΟΠΛΙΣΜΟΥ.—
Δὲν προβλέπεται συνάντησις Κρούστσεφ—Μάο Τσὲ Τούνγκ
ΛΟΝΔΙΝΟΝ, 4. (Ρώυτερ).— Κατὰ τὸν ἐν Λονδίνῳ συντάκτην τῶν «Τάιμς», οἱ ἀντιπρόσωποι εἴκοσι κομμουνιστικῶν κομμάτων συνεδριάζουν ἤδη εἰς Μόσχαν διὰ νὰ προετοιμάσουν τὴν διάσκεψιν τῶν ἡγετῶν. Ἡ διένεξις μεταξὺ Ρωσσίας καὶ Κίνας θὰ ἀποτελέσῃ τὸ κύριον θέμα.
ΛΟΝΔΙΝΟΝ, 4. (Ρώυτερ).— Κατὰ τὸν ἐν Λονδίνῳ συντάκτην τῶν «Τάιμς», οἱ ἀντιπρόσωποι εἴκοσι κομμουνιστικῶν κομμάτων συνεδριάζουν ἤδη εἰς Μόσχαν διὰ νὰ προετοιμάσουν τὴν διάσκεψιν τῶν ἡγετῶν. Ἡ διένεξις μεταξὺ Ρωσσίας καὶ Κίνας θὰ ἀποτελέσῃ τὸ κύριον θέμα.
ΠΟΥ ΕΓΚΕΙΤΑΙ Η ΔΙΑΦΟΡΑ
ΛΟΝΔΙΝΟΝ, 4. (Ρώυτερ).— Κατὰ τὸν ἐν Λονδίνῳ συντάκτην τῶν «Τάιμς», οἱ ἀντιπρόσωποι εἴκοσι κομμουνιστικῶν κομμάτων συνεδριάζουν ἤδη εἰς Μόσχαν διὰ νὰ προετοιμάσουν τὴν διάσκεψιν τῶν ἡγετῶν. Ἡ διένεξις μεταξὺ Ρωσσίας καὶ Κίνας θὰ ἀποτελέσῃ τὸ κύριον θέμα.
ΣΥΝΑΝΤΗΣΙΣ ΔΕΝ ΠΡΟΒΛΕΠΕΤΑΙ
ΛΟΝΔΙΝΟΝ, 4. (Ρώυτερ).— Κατὰ τὸν ἐν Λονδίνῳ συντάκτην τῶν «Τάιμς», οἱ ἀντιπρόσωποι εἴκοσι κομμουνιστικῶν κομμάτων συνεδριάζουν ἤδη εἰς Μόσχαν διὰ νὰ προετοιμάσουν τὴν διάσκεψιν τῶν ἡγετῶν. Ἡ διένεξις μεταξὺ Ρωσσίας καὶ Κίνας θὰ ἀποτελέσῃ τὸ κύριον θέμα.
